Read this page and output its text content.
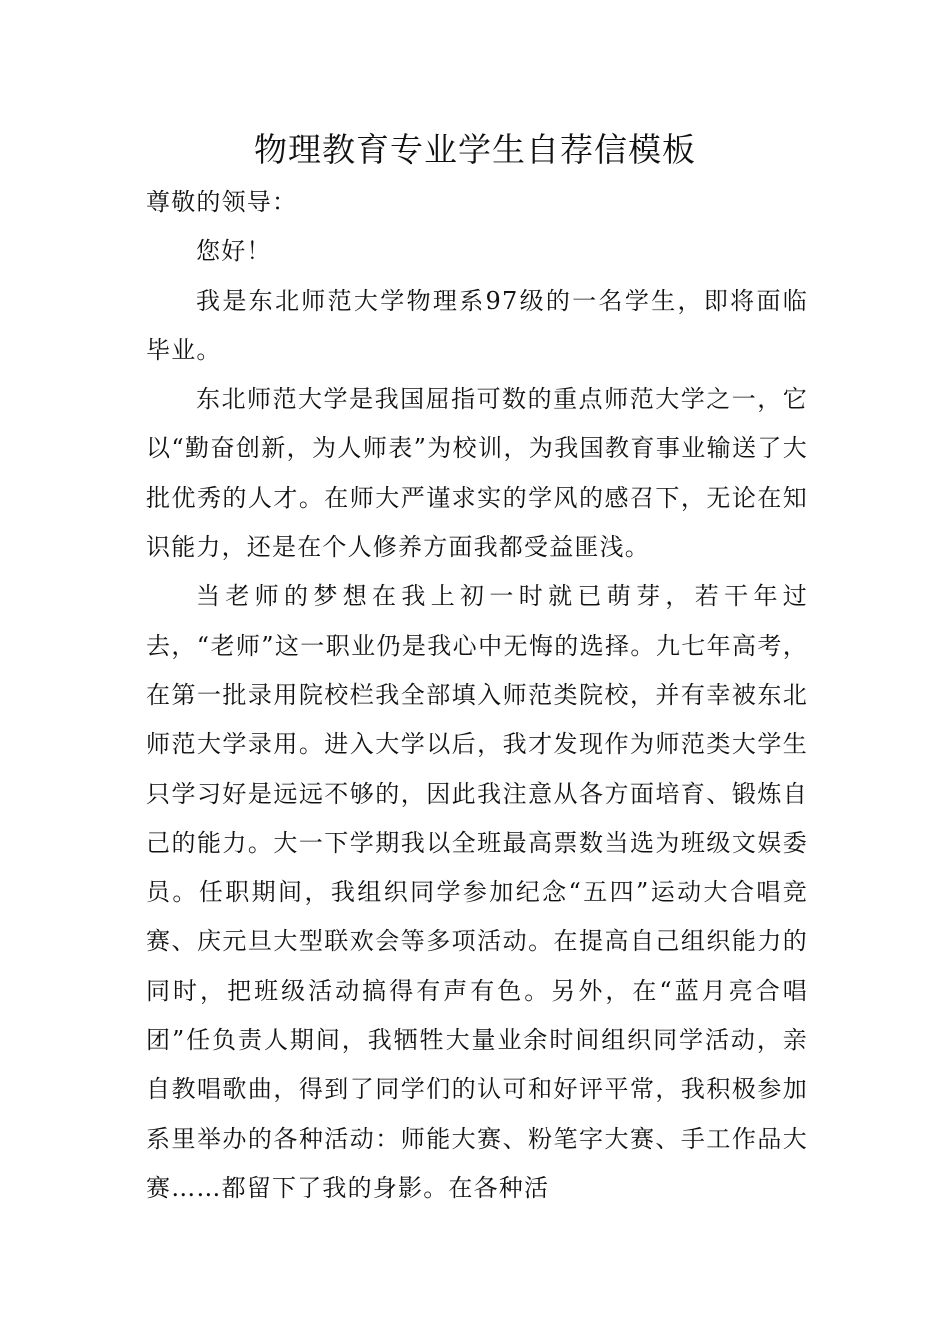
物理教育专业学生自荐信模板

尊敬的领导：

您好！

我是东北师范大学物理系97级的一名学生，即将面临毕业。

东北师范大学是我国屈指可数的重点师范大学之一，它以“勤奋创新，为人师表”为校训，为我国教育事业输送了大批优秀的人才。在师大严谨求实的学风的感召下，无论在知识能力，还是在个人修养方面我都受益匪浅。

当老师的梦想在我上初一时就已萌芽，若干年过去，“老师”这一职业仍是我心中无悔的选择。九七年高考，在第一批录用院校栏我全部填入师范类院校，并有幸被东北师范大学录用。进入大学以后，我才发现作为师范类大学生只学习好是远远不够的，因此我注意从各方面培育、锻炼自己的能力。大一下学期我以全班最高票数当选为班级文娱委员。任职期间，我组织同学参加纪念“五四”运动大合唱竞赛、庆元旦大型联欢会等多项活动。在提高自己组织能力的同时，把班级活动搞得有声有色。另外，在“蓝月亮合唱团”任负责人期间，我牺牲大量业余时间组织同学活动，亲自教唱歌曲，得到了同学们的认可和好评平常，我积极参加系里举办的各种活动：师能大赛、粉笔字大赛、手工作品大赛……都留下了我的身影。在各种活
